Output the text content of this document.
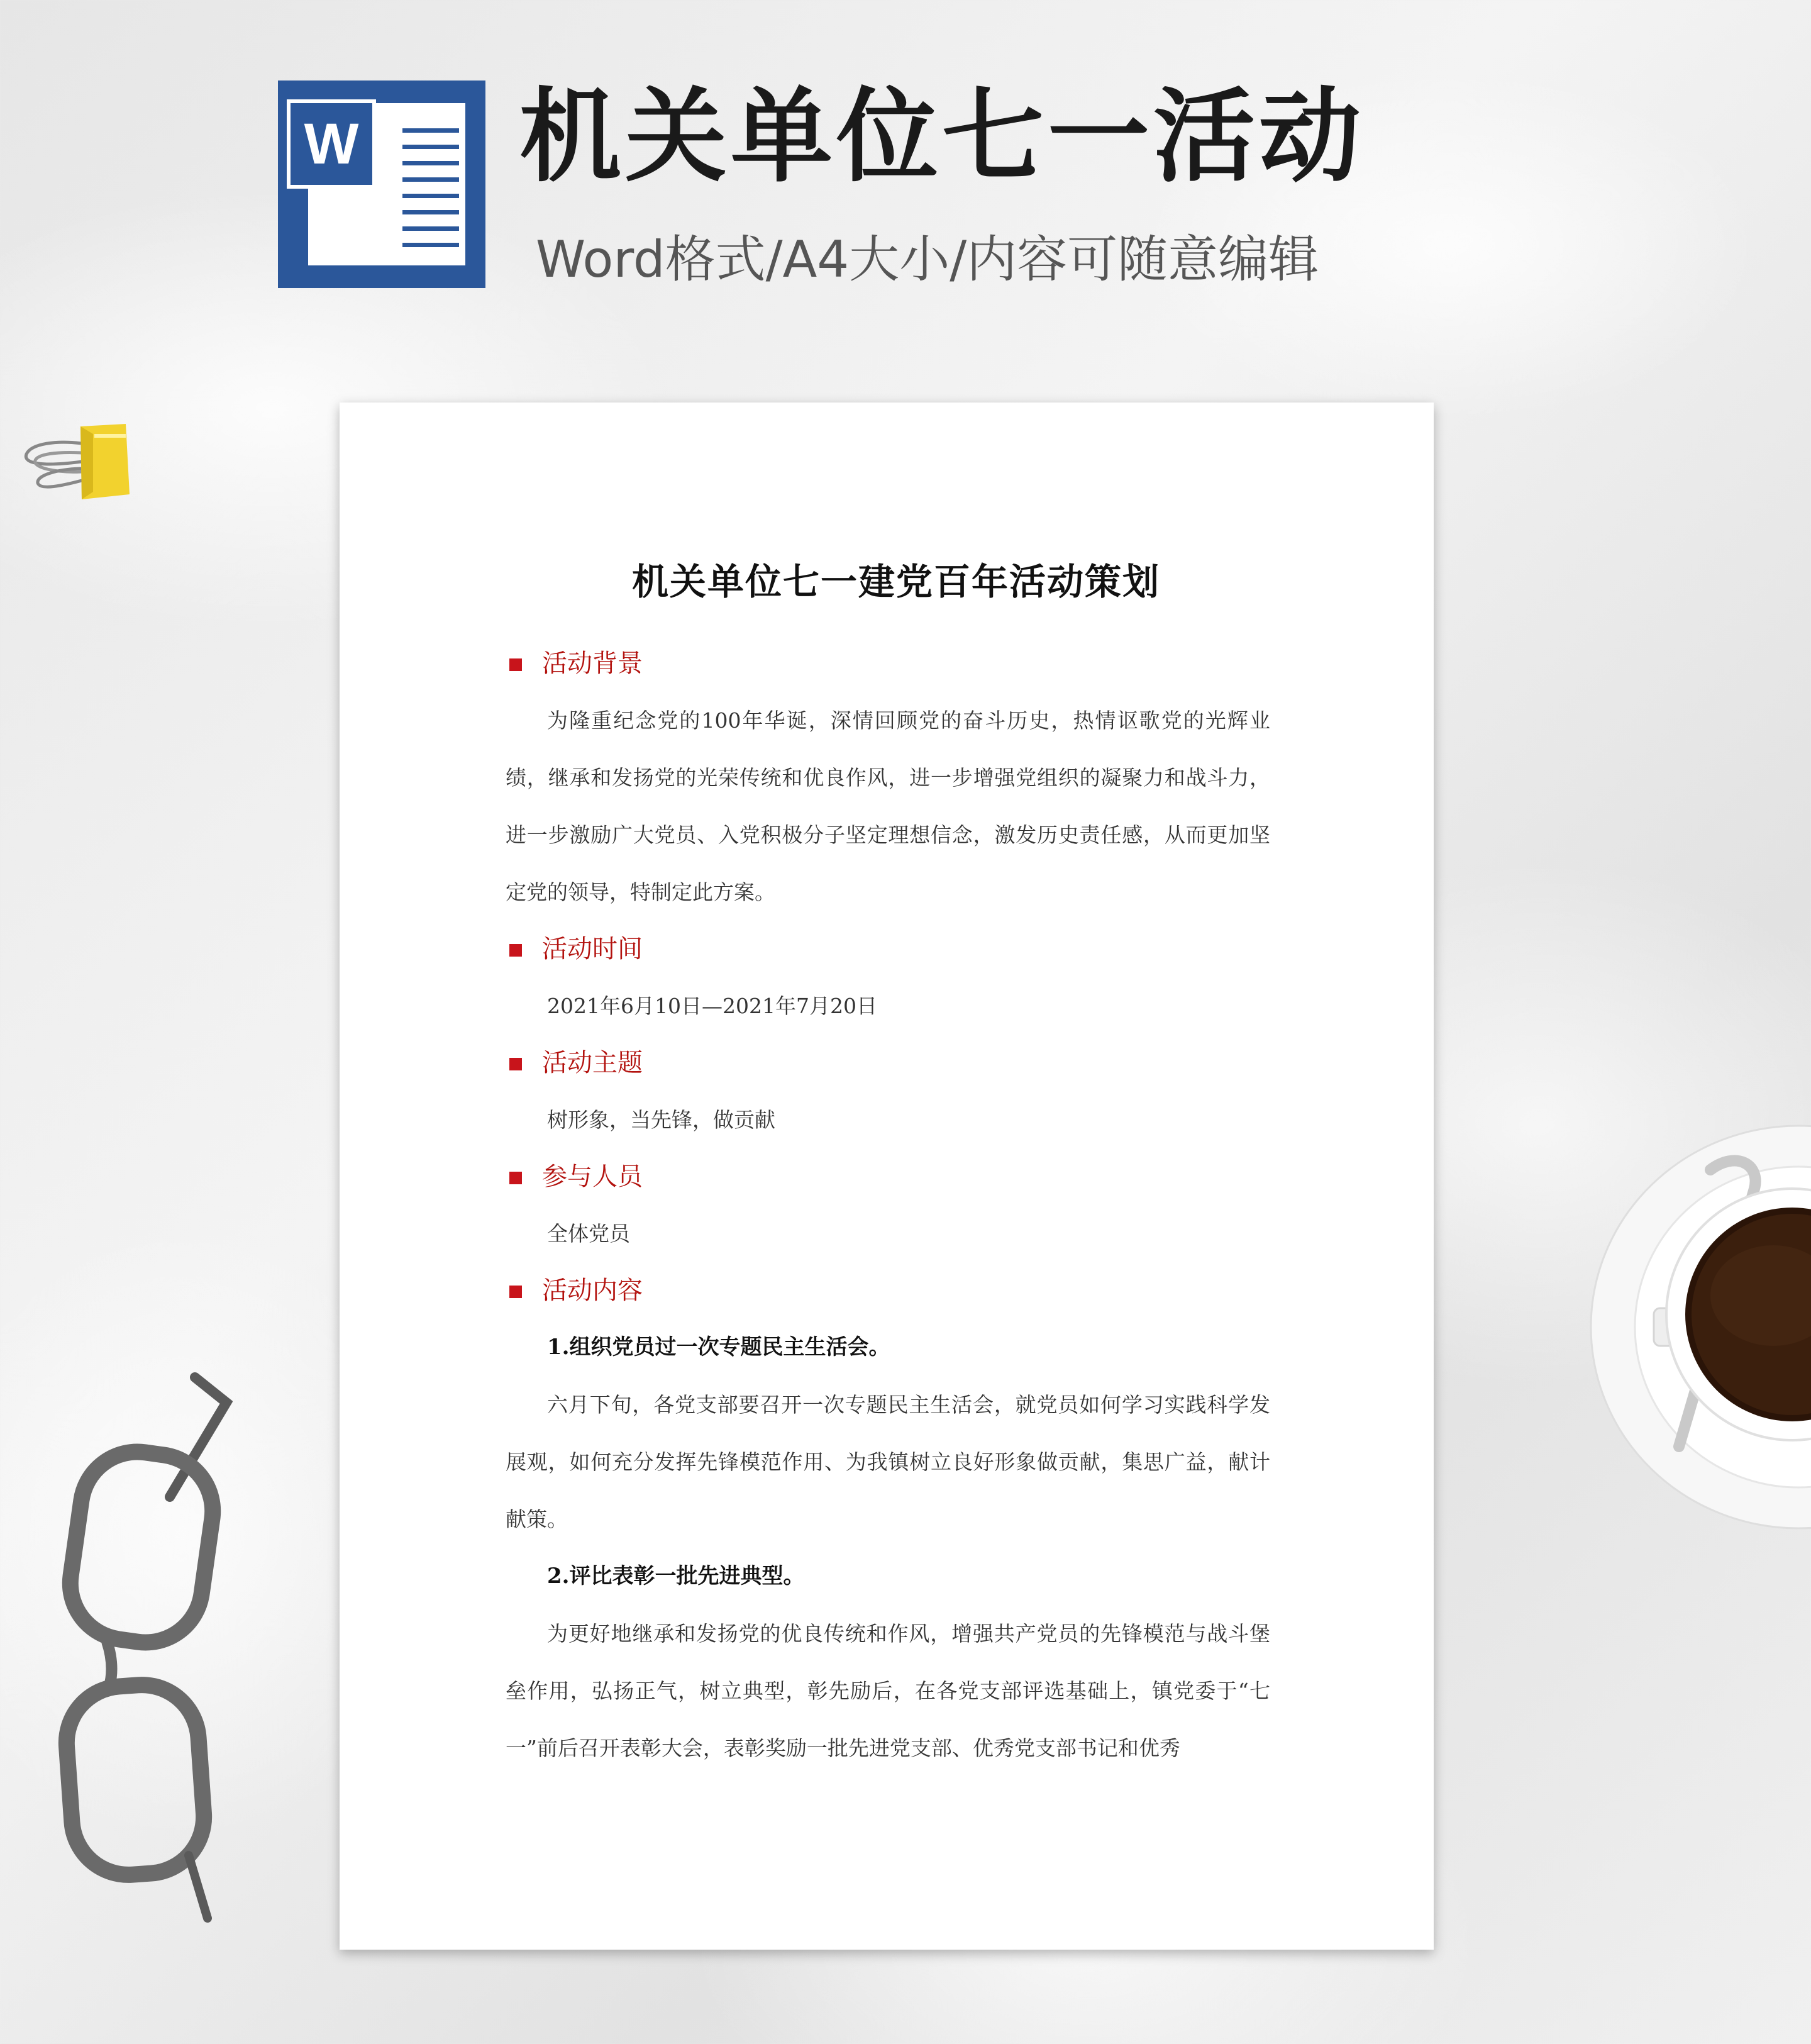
W 机关单位七一活动
Word格式/A4大小/内容可随意编辑
机关单位七一建党百年活动策划
活动背景
为隆重纪念党的100年华诞，深情回顾党的奋斗历史，热情讴歌党的光辉业绩，继承和发扬党的光荣传统和优良作风，进一步增强党组织的凝聚力和战斗力，进一步激励广大党员、入党积极分子坚定理想信念，激发历史责任感，从而更加坚定党的领导，特制定此方案。
活动时间
2021年6月10日—2021年7月20日
活动主题
树形象，当先锋，做贡献
参与人员
全体党员
活动内容
1.组织党员过一次专题民主生活会。
六月下旬，各党支部要召开一次专题民主生活会，就党员如何学习实践科学发展观，如何充分发挥先锋模范作用、为我镇树立良好形象做贡献，集思广益，献计献策。
2.评比表彰一批先进典型。
为更好地继承和发扬党的优良传统和作风，增强共产党员的先锋模范与战斗堡垒作用，弘扬正气，树立典型，彰先励后，在各党支部评选基础上，镇党委于“七一”前后召开表彰大会，表彰奖励一批先进党支部、优秀党支部书记和优秀
